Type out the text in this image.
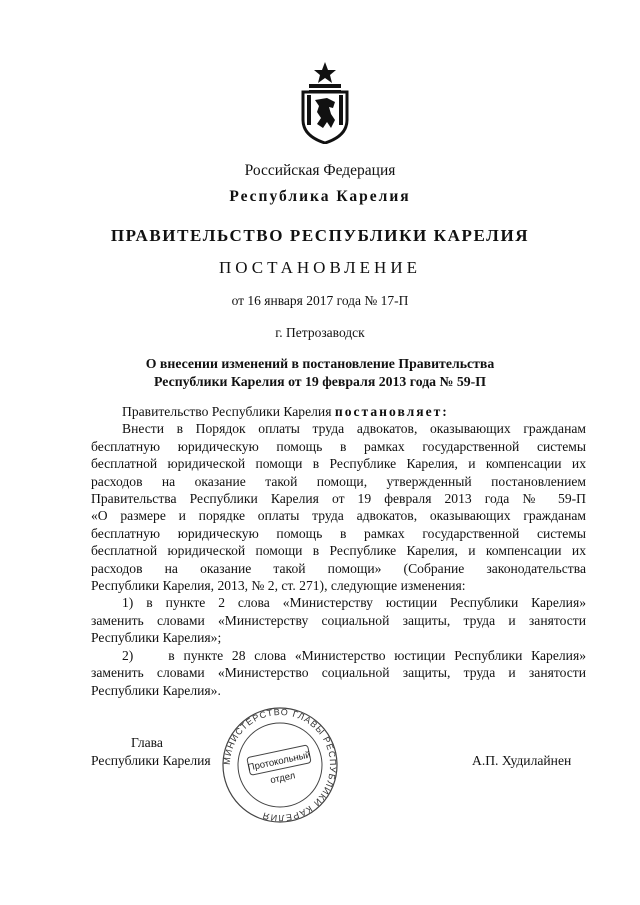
Российская Федерация
Республика Карелия
ПРАВИТЕЛЬСТВО РЕСПУБЛИКИ КАРЕЛИЯ
ПОСТАНОВЛЕНИЕ
от 16 января 2017 года № 17-П
г. Петрозаводск
О внесении изменений в постановление Правительства
Республики Карелия от 19 февраля 2013 года № 59-П
Правительство Республики Карелия постановляет:
Внести в Порядок оплаты труда адвокатов, оказывающих гражданам
бесплатную юридическую помощь в рамках государственной системы
бесплатной юридической помощи в Республике Карелия, и компенсации их
расходов на оказание такой помощи, утвержденный постановлением
Правительства Республики Карелия от 19 февраля 2013 года № 59-П
«О размере и порядке оплаты труда адвокатов, оказывающих гражданам
бесплатную юридическую помощь в рамках государственной системы
бесплатной юридической помощи в Республике Карелия, и компенсации их
расходов на оказание такой помощи» (Собрание законодательства
Республики Карелия, 2013, № 2, ст. 271), следующие изменения:
1) в пункте 2 слова «Министерству юстиции Республики Карелия»
заменить словами «Министерству социальной защиты, труда и занятости
Республики Карелия»;
2)    в пункте 28 слова «Министерство юстиции Республики Карелия»
заменить словами «Министерство социальной защиты, труда и занятости
Республики Карелия».
МИНИСТЕРСТВО ГЛАВЫ РЕСПУБЛИКИ КАРЕЛИЯ
Протокольный
отдел
Глава
Республики Карелия	А.П. Худилайнен
